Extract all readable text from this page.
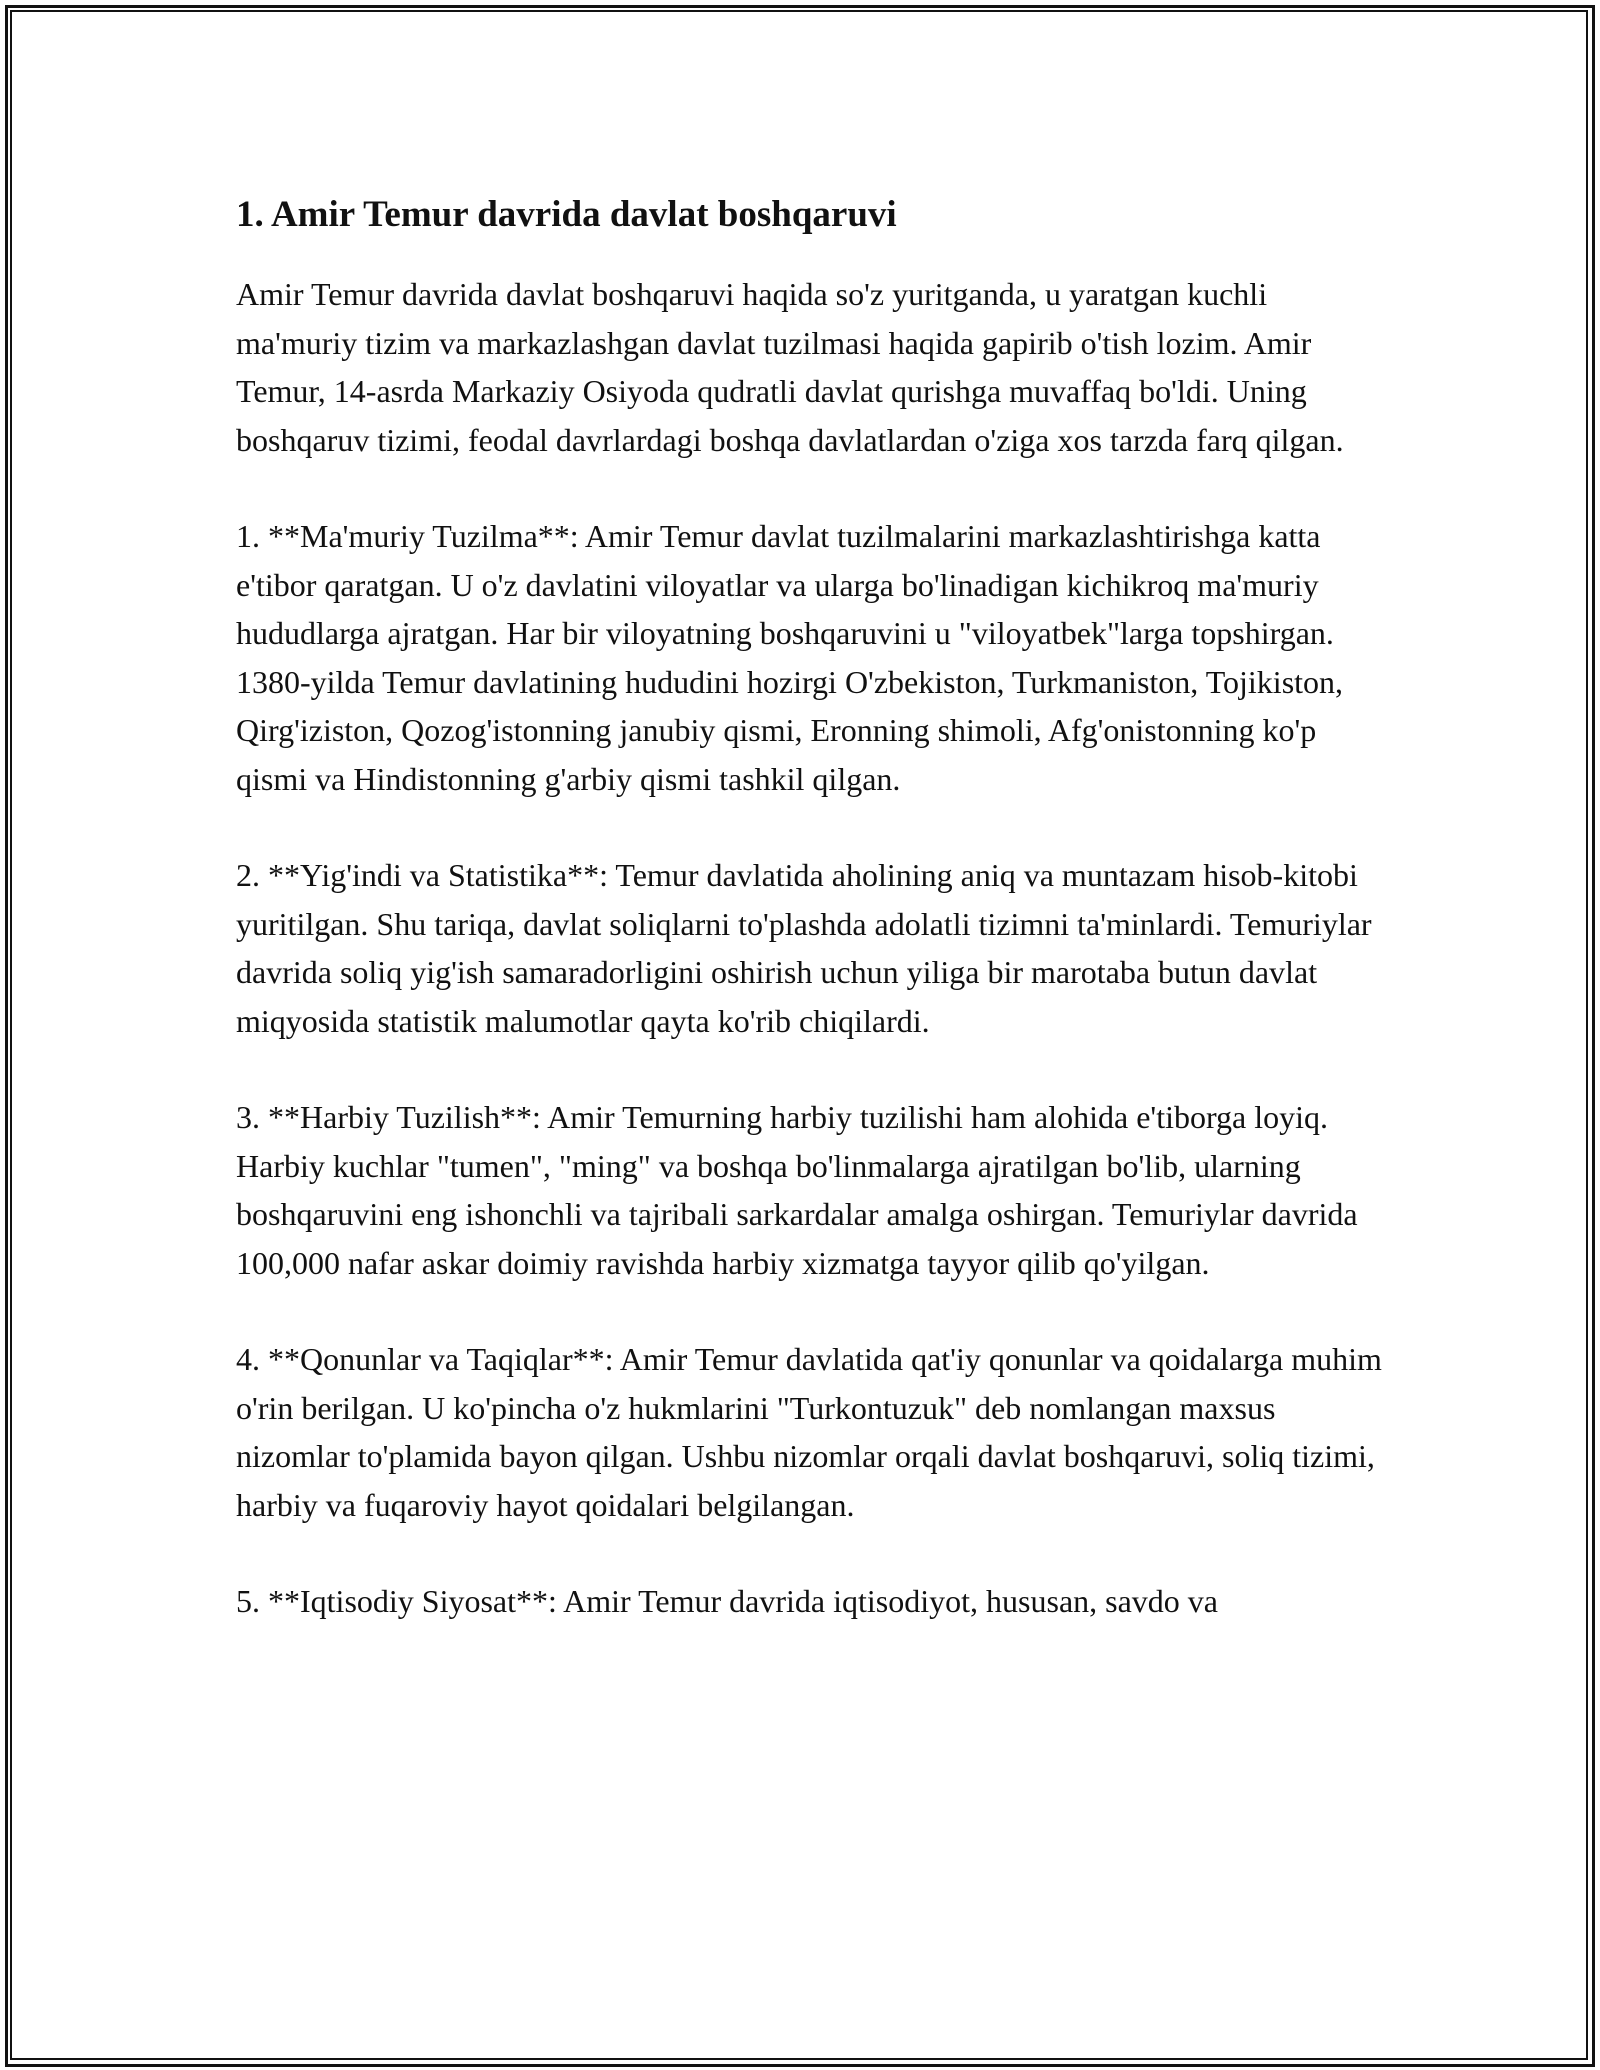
1. Amir Temur davrida davlat boshqaruvi

Amir Temur davrida davlat boshqaruvi haqida so'z yuritganda, u yaratgan kuchli ma'muriy tizim va markazlashgan davlat tuzilmasi haqida gapirib o'tish lozim. Amir Temur, 14-asrda Markaziy Osiyoda qudratli davlat qurishga muvaffaq bo'ldi. Uning boshqaruv tizimi, feodal davrlardagi boshqa davlatlardan o'ziga xos tarzda farq qilgan.

1. **Ma'muriy Tuzilma**: Amir Temur davlat tuzilmalarini markazlashtirishga katta e'tibor qaratgan. U o'z davlatini viloyatlar va ularga bo'linadigan kichikroq ma'muriy hududlarga ajratgan. Har bir viloyatning boshqaruvini u "viloyatbek"larga topshirgan. 1380-yilda Temur davlatining hududini hozirgi O'zbekiston, Turkmaniston, Tojikiston, Qirg'iziston, Qozog'istonning janubiy qismi, Eronning shimoli, Afg'onistonning ko'p qismi va Hindistonning g'arbiy qismi tashkil qilgan.

2. **Yig'indi va Statistika**: Temur davlatida aholining aniq va muntazam hisob-kitobi yuritilgan. Shu tariqa, davlat soliqlarni to'plashda adolatli tizimni ta'minlardi. Temuriylar davrida soliq yig'ish samaradorligini oshirish uchun yiliga bir marotaba butun davlat miqyosida statistik malumotlar qayta ko'rib chiqilardi.

3. **Harbiy Tuzilish**: Amir Temurning harbiy tuzilishi ham alohida e'tiborga loyiq. Harbiy kuchlar "tumen", "ming" va boshqa bo'linmalarga ajratilgan bo'lib, ularning boshqaruvini eng ishonchli va tajribali sarkardalar amalga oshirgan. Temuriylar davrida 100,000 nafar askar doimiy ravishda harbiy xizmatga tayyor qilib qo'yilgan.

4. **Qonunlar va Taqiqlar**: Amir Temur davlatida qat'iy qonunlar va qoidalarga muhim o'rin berilgan. U ko'pincha o'z hukmlarini "Turkontuzuk" deb nomlangan maxsus nizomlar to'plamida bayon qilgan. Ushbu nizomlar orqali davlat boshqaruvi, soliq tizimi, harbiy va fuqaroviy hayot qoidalari belgilangan.

5. **Iqtisodiy Siyosat**: Amir Temur davrida iqtisodiyot, hususan, savdo va
